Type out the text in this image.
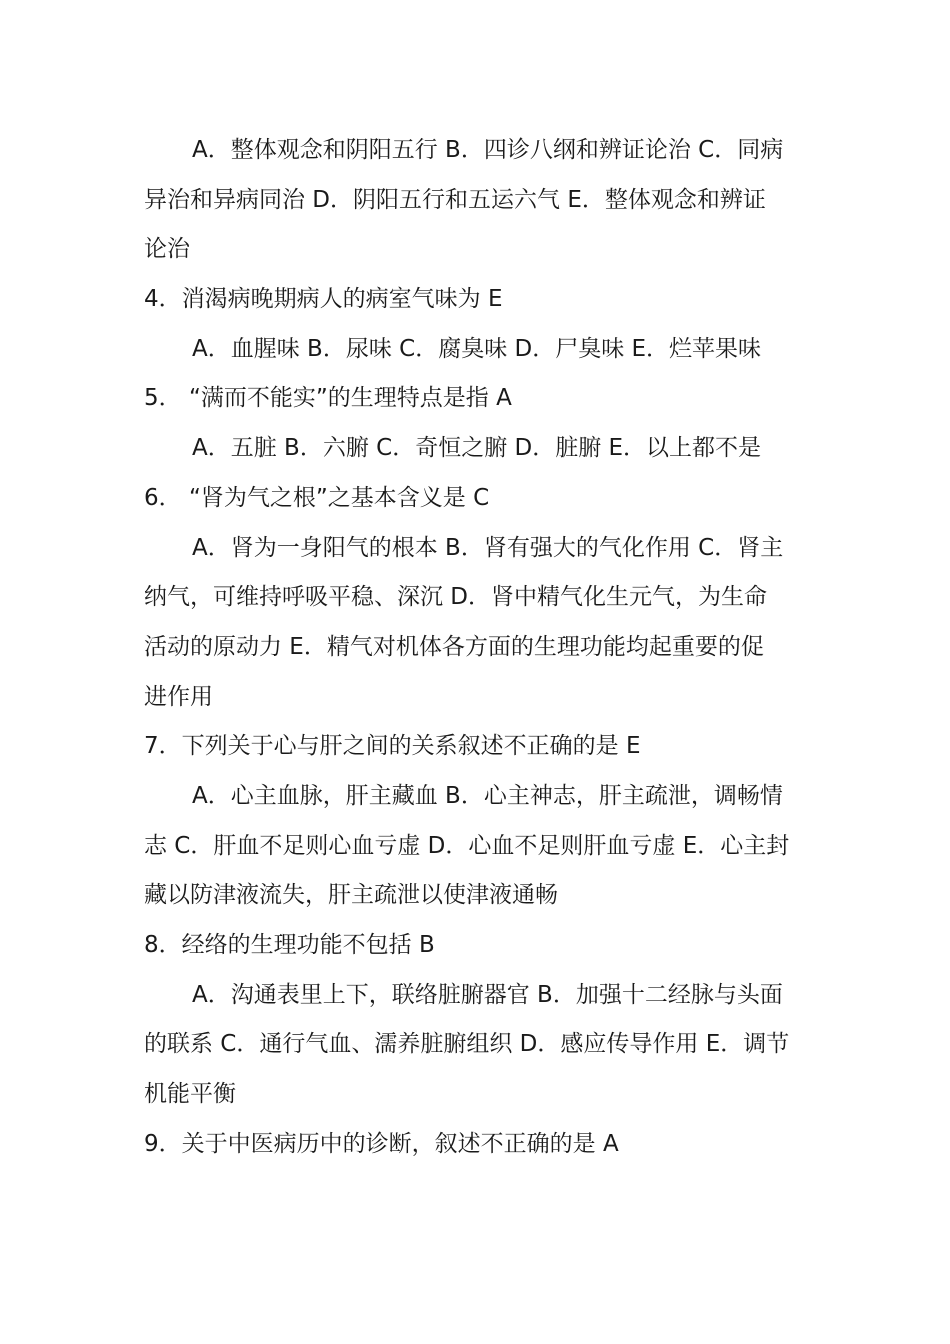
A．整体观念和阴阳五行 B．四诊八纲和辨证论治 C．同病

异治和异病同治 D．阴阳五行和五运六气 E．整体观念和辨证

论治

4．消渴病晚期病人的病室气味为 E

A．血腥味 B．尿味 C．腐臭味 D．尸臭味 E．烂苹果味

5． “满而不能实”的生理特点是指 A

A．五脏 B．六腑 C．奇恒之腑 D．脏腑 E．以上都不是

6． “肾为气之根”之基本含义是 C

A．肾为一身阳气的根本 B．肾有强大的气化作用 C．肾主

纳气，可维持呼吸平稳、深沉 D．肾中精气化生元气，为生命

活动的原动力 E．精气对机体各方面的生理功能均起重要的促

进作用

7．下列关于心与肝之间的关系叙述不正确的是 E

A．心主血脉，肝主藏血 B．心主神志，肝主疏泄，调畅情

志 C．肝血不足则心血亏虚 D．心血不足则肝血亏虚 E．心主封

藏以防津液流失，肝主疏泄以使津液通畅

8．经络的生理功能不包括 B

A．沟通表里上下，联络脏腑器官 B．加强十二经脉与头面

的联系 C．通行气血、濡养脏腑组织 D．感应传导作用 E．调节

机能平衡

9．关于中医病历中的诊断，叙述不正确的是 A
